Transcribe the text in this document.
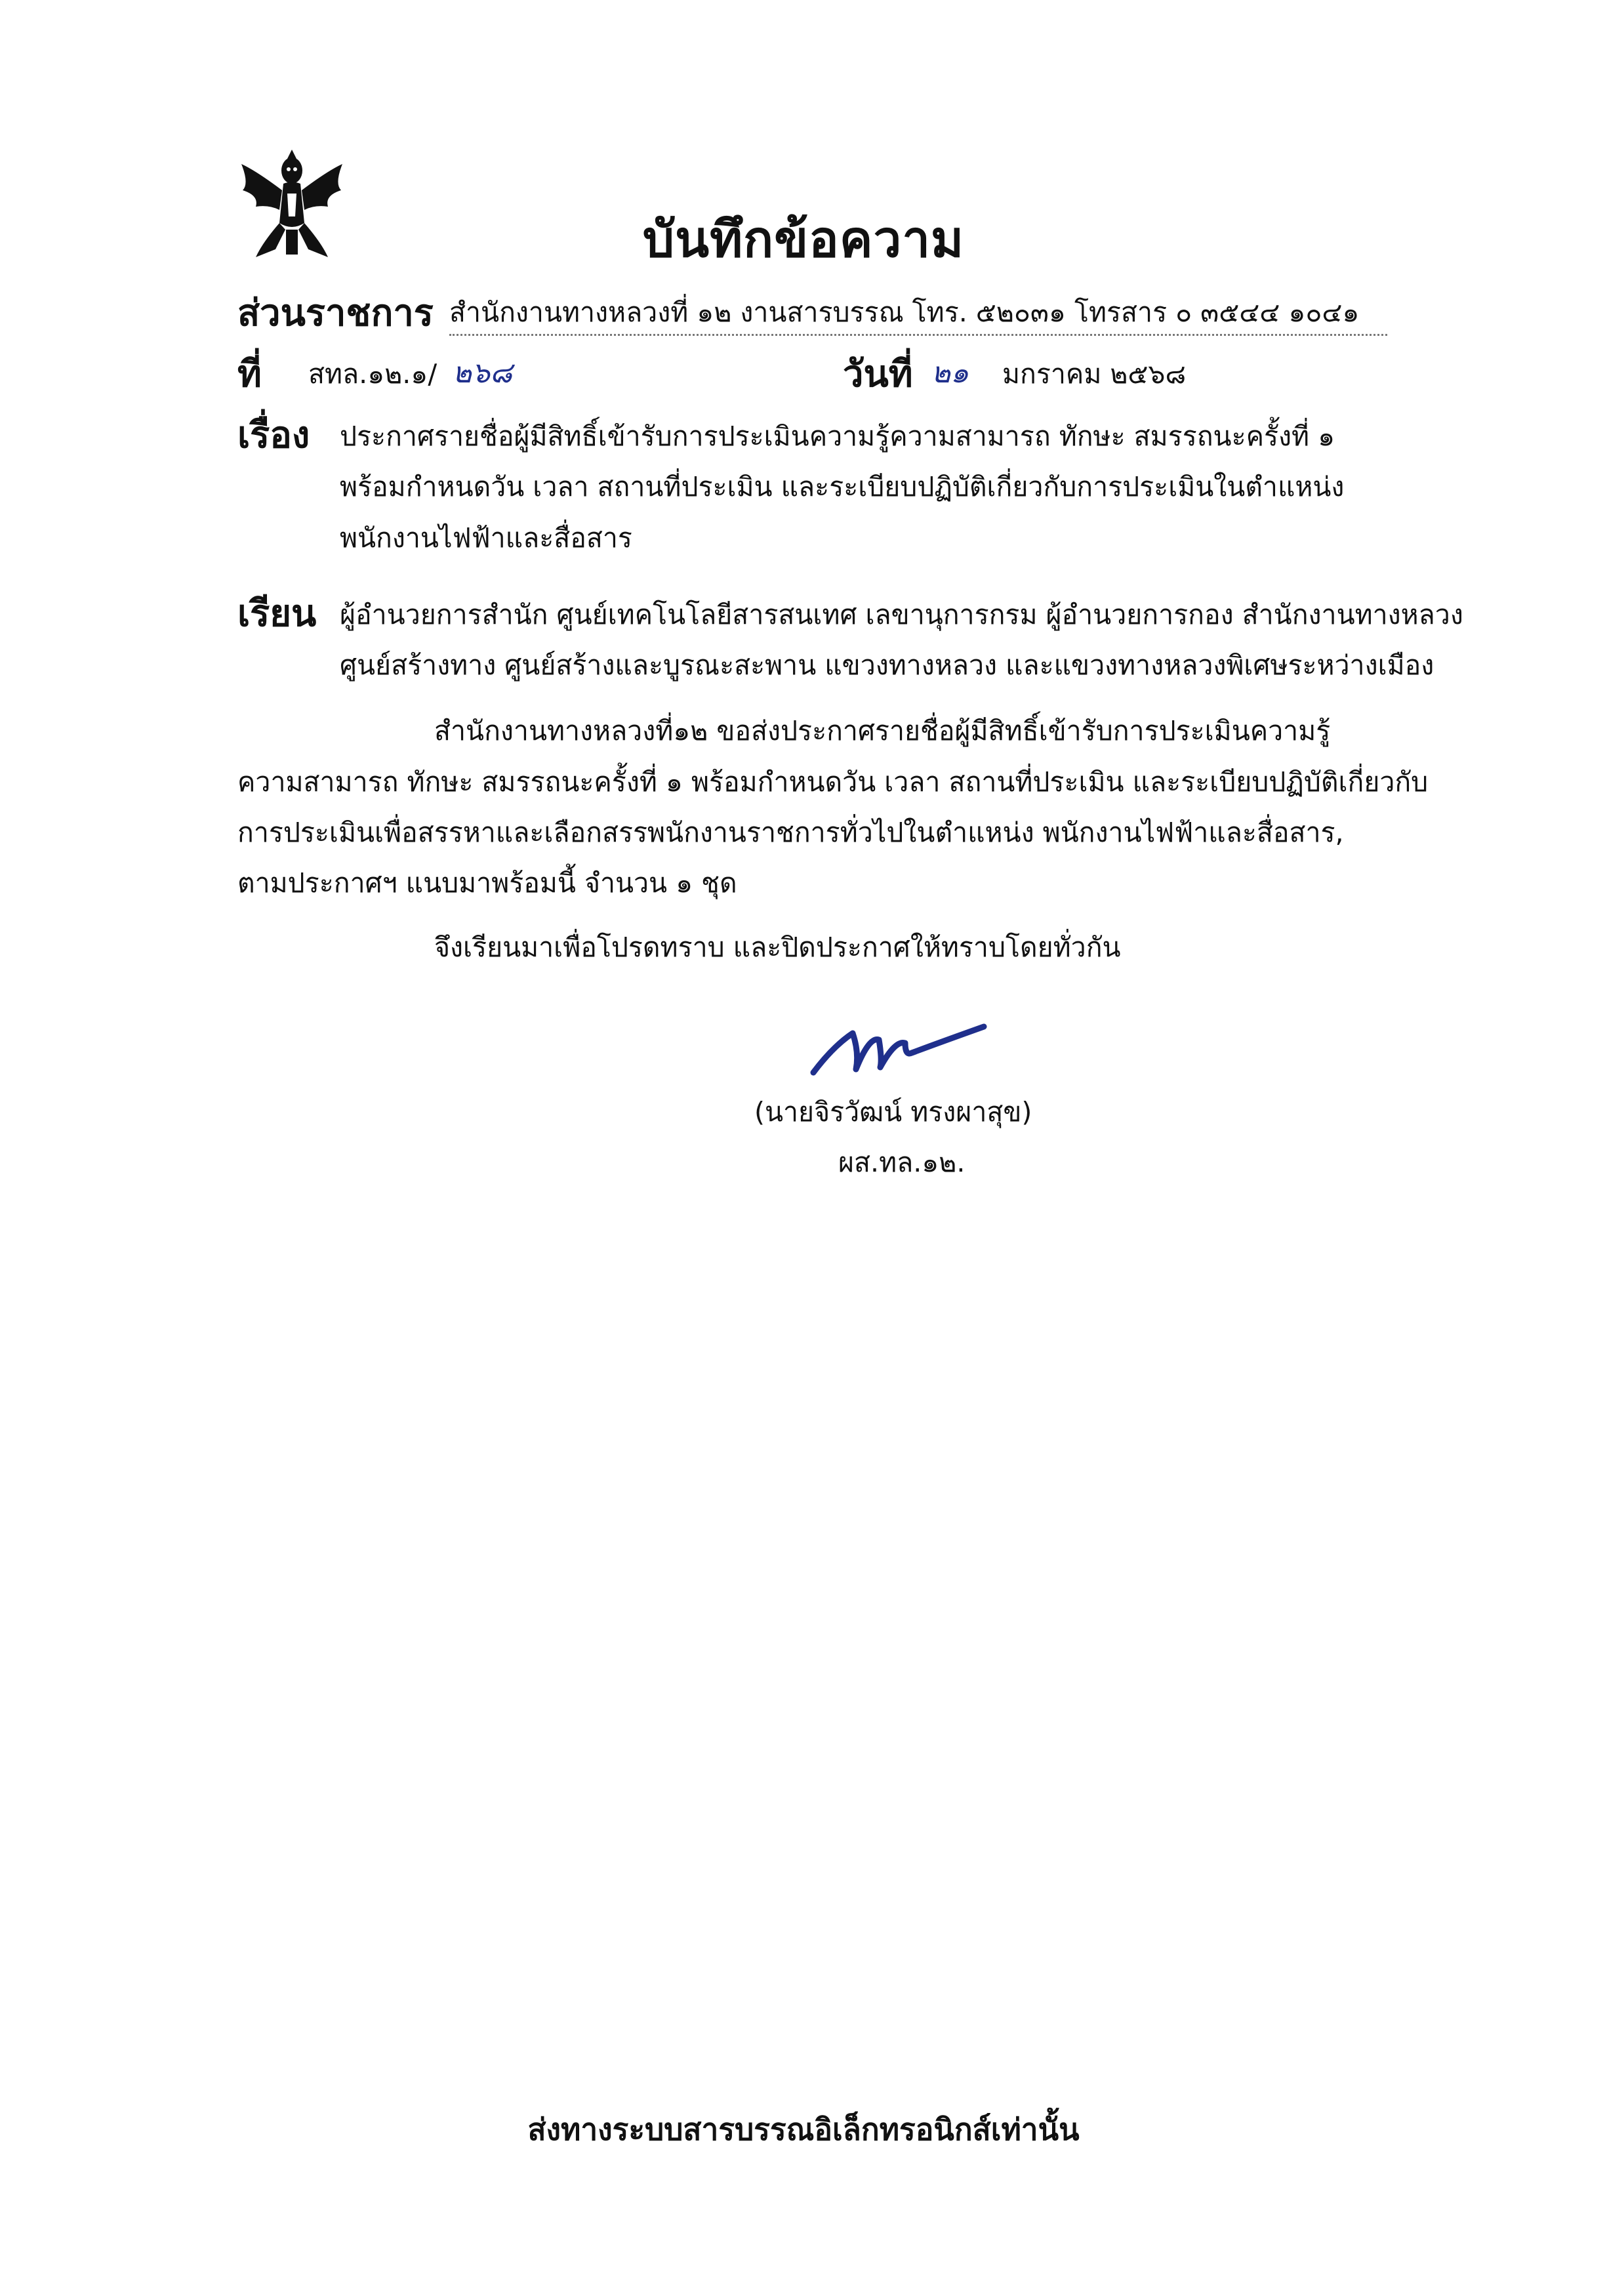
บันทึกข้อความ
ส่วนราชการ สำนักงานทางหลวงที่ ๑๒ งานสารบรรณ โทร. ๕๒๐๓๑ โทรสาร ๐ ๓๕๔๔ ๑๐๔๑
ที่ สทล.๑๒.๑/ ๒๖๘	วันที่ ๒๑ มกราคม ๒๕๖๘
เรื่อง ประกาศรายชื่อผู้มีสิทธิ์เข้ารับการประเมินความรู้ความสามารถ ทักษะ สมรรถนะครั้งที่ ๑
พร้อมกำหนดวัน เวลา สถานที่ประเมิน และระเบียบปฏิบัติเกี่ยวกับการประเมินในตำแหน่ง
พนักงานไฟฟ้าและสื่อสาร
เรียน ผู้อำนวยการสำนัก ศูนย์เทคโนโลยีสารสนเทศ เลขานุการกรม ผู้อำนวยการกอง สำนักงานทางหลวง
ศูนย์สร้างทาง ศูนย์สร้างและบูรณะสะพาน แขวงทางหลวง และแขวงทางหลวงพิเศษระหว่างเมือง
สำนักงานทางหลวงที่๑๒ ขอส่งประกาศรายชื่อผู้มีสิทธิ์เข้ารับการประเมินความรู้
ความสามารถ ทักษะ สมรรถนะครั้งที่ ๑ พร้อมกำหนดวัน เวลา สถานที่ประเมิน และระเบียบปฏิบัติเกี่ยวกับ
การประเมินเพื่อสรรหาและเลือกสรรพนักงานราชการทั่วไปในตำแหน่ง พนักงานไฟฟ้าและสื่อสาร,
ตามประกาศฯ แนบมาพร้อมนี้ จำนวน ๑ ชุด
จึงเรียนมาเพื่อโปรดทราบ และปิดประกาศให้ทราบโดยทั่วกัน
(นายจิรวัฒน์ ทรงผาสุข)
ผส.ทล.๑๒.
ส่งทางระบบสารบรรณอิเล็กทรอนิกส์เท่านั้น
